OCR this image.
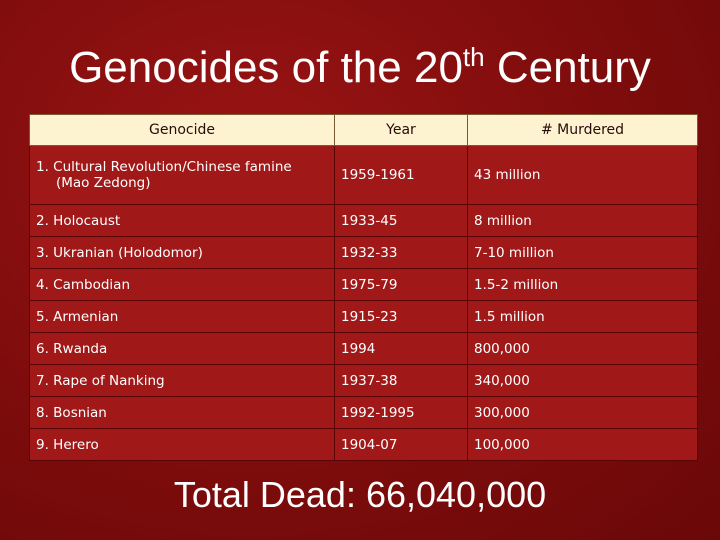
Genocides of the 20th Century
Genocide	Year	# Murdered
1. Cultural Revolution/Chinese famine
(Mao Zedong)	1959-1961	43 million
2. Holocaust	1933-45	8 million
3. Ukranian (Holodomor)	1932-33	7-10 million
4. Cambodian	1975-79	1.5-2 million
5. Armenian	1915-23	1.5 million
6. Rwanda	1994	800,000
7. Rape of Nanking	1937-38	340,000
8. Bosnian	1992-1995	300,000
9. Herero	1904-07	100,000
Total Dead: 66,040,000
